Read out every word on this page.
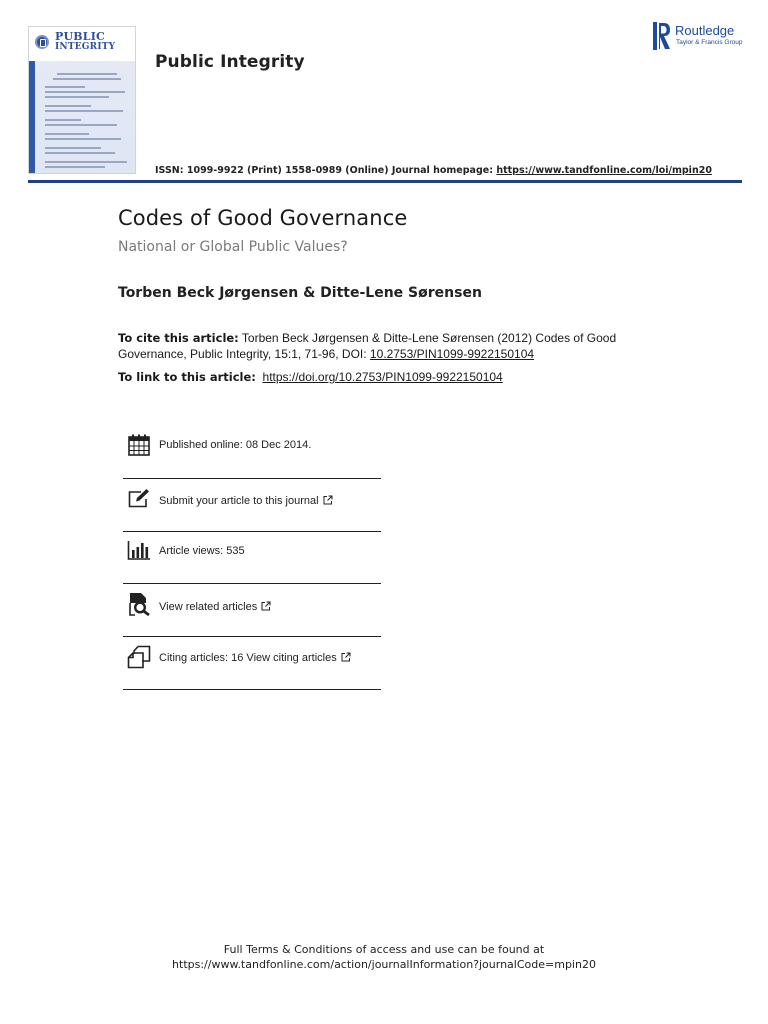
PUBLIC
INTEGRITY
Public Integrity
ISSN: 1099-9922 (Print) 1558-0989 (Online) Journal homepage: https://www.tandfonline.com/loi/mpin20
Routledge
Taylor & Francis Group
Codes of Good Governance
National or Global Public Values?
Torben Beck Jørgensen & Ditte-Lene Sørensen
To cite this article: Torben Beck Jørgensen & Ditte-Lene Sørensen (2012) Codes of Good Governance, Public Integrity, 15:1, 71-96, DOI: 10.2753/PIN1099-9922150104
To link to this article: https://doi.org/10.2753/PIN1099-9922150104
Published online: 08 Dec 2014.
Submit your article to this journal
Article views: 535
View related articles
Citing articles: 16 View citing articles
Full Terms & Conditions of access and use can be found at
https://www.tandfonline.com/action/journalInformation?journalCode=mpin20
